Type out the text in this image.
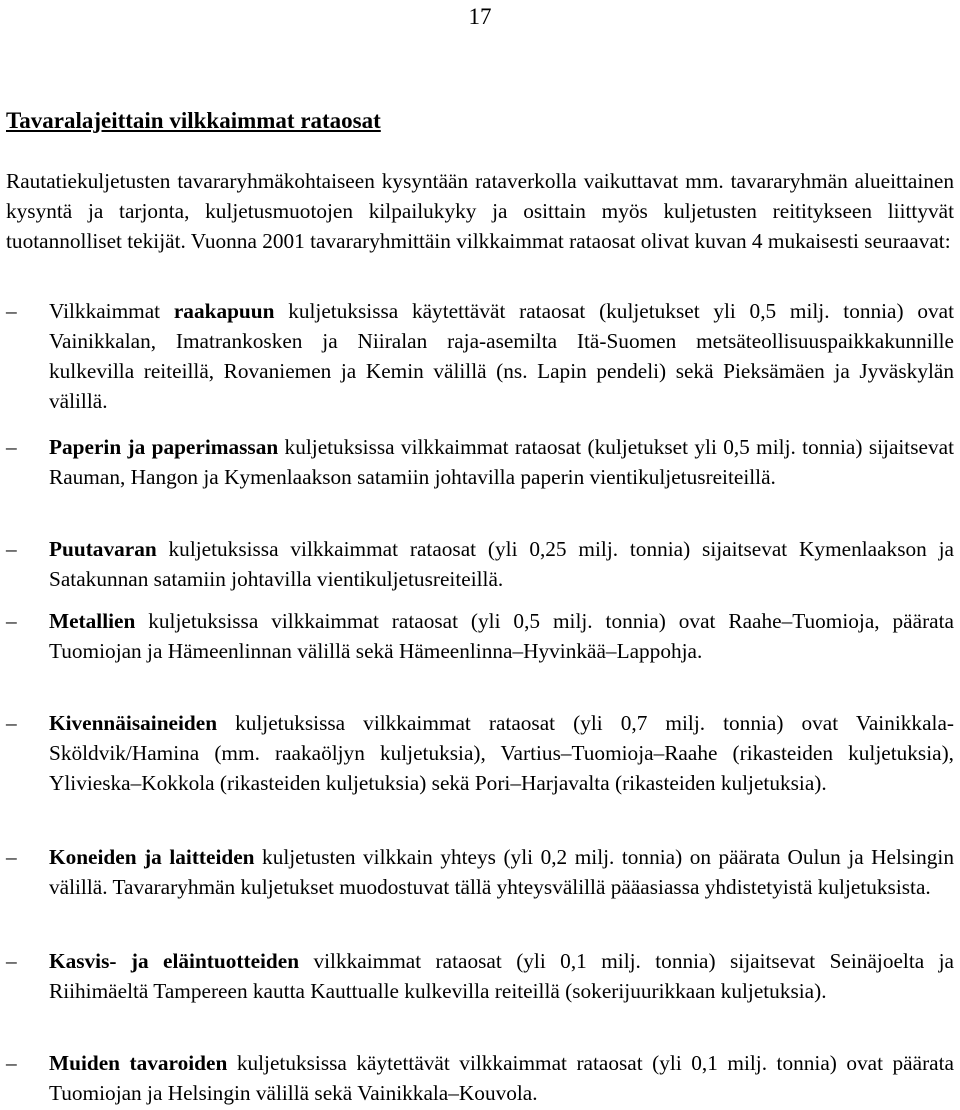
17
Tavaralajeittain vilkkaimmat rataosat

Rautatiekuljetusten tavararyhmäkohtaiseen kysyntään rataverkolla vaikuttavat mm. tavararyhmän alueittainen kysyntä ja tarjonta, kuljetusmuotojen kilpailukyky ja osittain myös kuljetusten reititykseen liittyvät tuotannolliset tekijät. Vuonna 2001 tavararyhmittäin vilkkaimmat rataosat olivat kuvan 4 mukaisesti seuraavat:

– Vilkkaimmat raakapuun kuljetuksissa käytettävät rataosat (kuljetukset yli 0,5 milj. tonnia) ovat Vainikkalan, Imatrankosken ja Niiralan raja-asemilta Itä-Suomen metsäteollisuuspaikkakunnille kulkevilla reiteillä, Rovaniemen ja Kemin välillä (ns. Lapin pendeli) sekä Pieksämäen ja Jyväskylän välillä.
– Paperin ja paperimassan kuljetuksissa vilkkaimmat rataosat (kuljetukset yli 0,5 milj. tonnia) sijaitsevat Rauman, Hangon ja Kymenlaakson satamiin johtavilla paperin vientikuljetusreiteillä.
– Puutavaran kuljetuksissa vilkkaimmat rataosat (yli 0,25 milj. tonnia) sijaitsevat Kymenlaakson ja Satakunnan satamiin johtavilla vientikuljetusreiteillä.
– Metallien kuljetuksissa vilkkaimmat rataosat (yli 0,5 milj. tonnia) ovat Raahe–Tuomioja, päärata Tuomiojan ja Hämeenlinnan välillä sekä Hämeenlinna–Hyvinkää–Lappohja.
– Kivennäisaineiden kuljetuksissa vilkkaimmat rataosat (yli 0,7 milj. tonnia) ovat Vainikkala-Sköldvik/Hamina (mm. raakaöljyn kuljetuksia), Vartius–Tuomioja–Raahe (rikasteiden kuljetuksia), Ylivieska–Kokkola (rikasteiden kuljetuksia) sekä Pori–Harjavalta (rikasteiden kuljetuksia).
– Koneiden ja laitteiden kuljetusten vilkkain yhteys (yli 0,2 milj. tonnia) on päärata Oulun ja Helsingin välillä. Tavararyhmän kuljetukset muodostuvat tällä yhteysvälillä pääasiassa yhdistetyistä kuljetuksista.
– Kasvis- ja eläintuotteiden vilkkaimmat rataosat (yli 0,1 milj. tonnia) sijaitsevat Seinäjoelta ja Riihimäeltä Tampereen kautta Kauttualle kulkevilla reiteillä (sokerijuurikkaan kuljetuksia).
– Muiden tavaroiden kuljetuksissa käytettävät vilkkaimmat rataosat (yli 0,1 milj. tonnia) ovat päärata Tuomiojan ja Helsingin välillä sekä Vainikkala–Kouvola.
